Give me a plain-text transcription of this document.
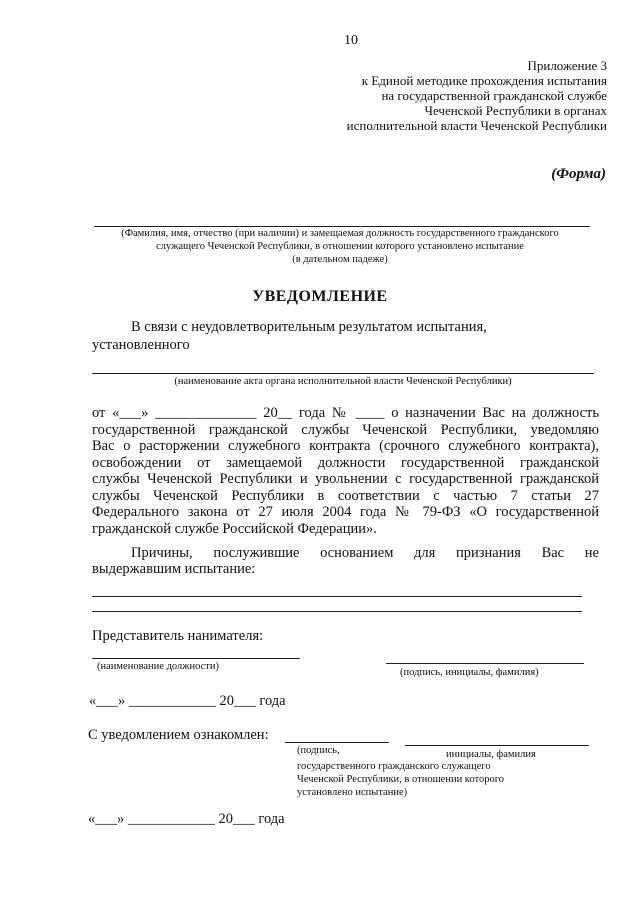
10
Приложение 3
к Единой методике прохождения испытания
на государственной гражданской службе
Чеченской Республики в органах
исполнительной власти Чеченской Республики
(Форма)
(Фамилия, имя, отчество (при наличии) и замещаемая должность государственного гражданского
служащего Чеченской Республики, в отношении которого установлено испытание
(в дательном падеже)
УВЕДОМЛЕНИЕ
В связи с неудовлетворительным результатом испытания,
установленного
(наименование акта органа исполнительной власти Чеченской Республики)
от «___» ______________ 20__ года № ____ о назначении Вас на должность
государственной гражданской службы Чеченской Республики, уведомляю
Вас о расторжении служебного контракта (срочного служебного контракта),
освобождении от замещаемой должности государственной гражданской
службы Чеченской Республики и увольнении с государственной гражданской
службы Чеченской Республики в соответствии с частью 7 статьи 27
Федерального закона от 27 июля 2004 года № 79-ФЗ «О государственной
гражданской службе Российской Федерации».
Причины, послужившие основанием для признания Вас не
выдержавшим испытание:
Представитель нанимателя:
(наименование должности)
(подпись, инициалы, фамилия)
«___» ____________ 20___ года
С уведомлением ознакомлен:
(подпись,	инициалы, фамилия
государственного гражданского служащего
Чеченской Республики, в отношении которого
установлено испытание)
«___» ____________ 20___ года
